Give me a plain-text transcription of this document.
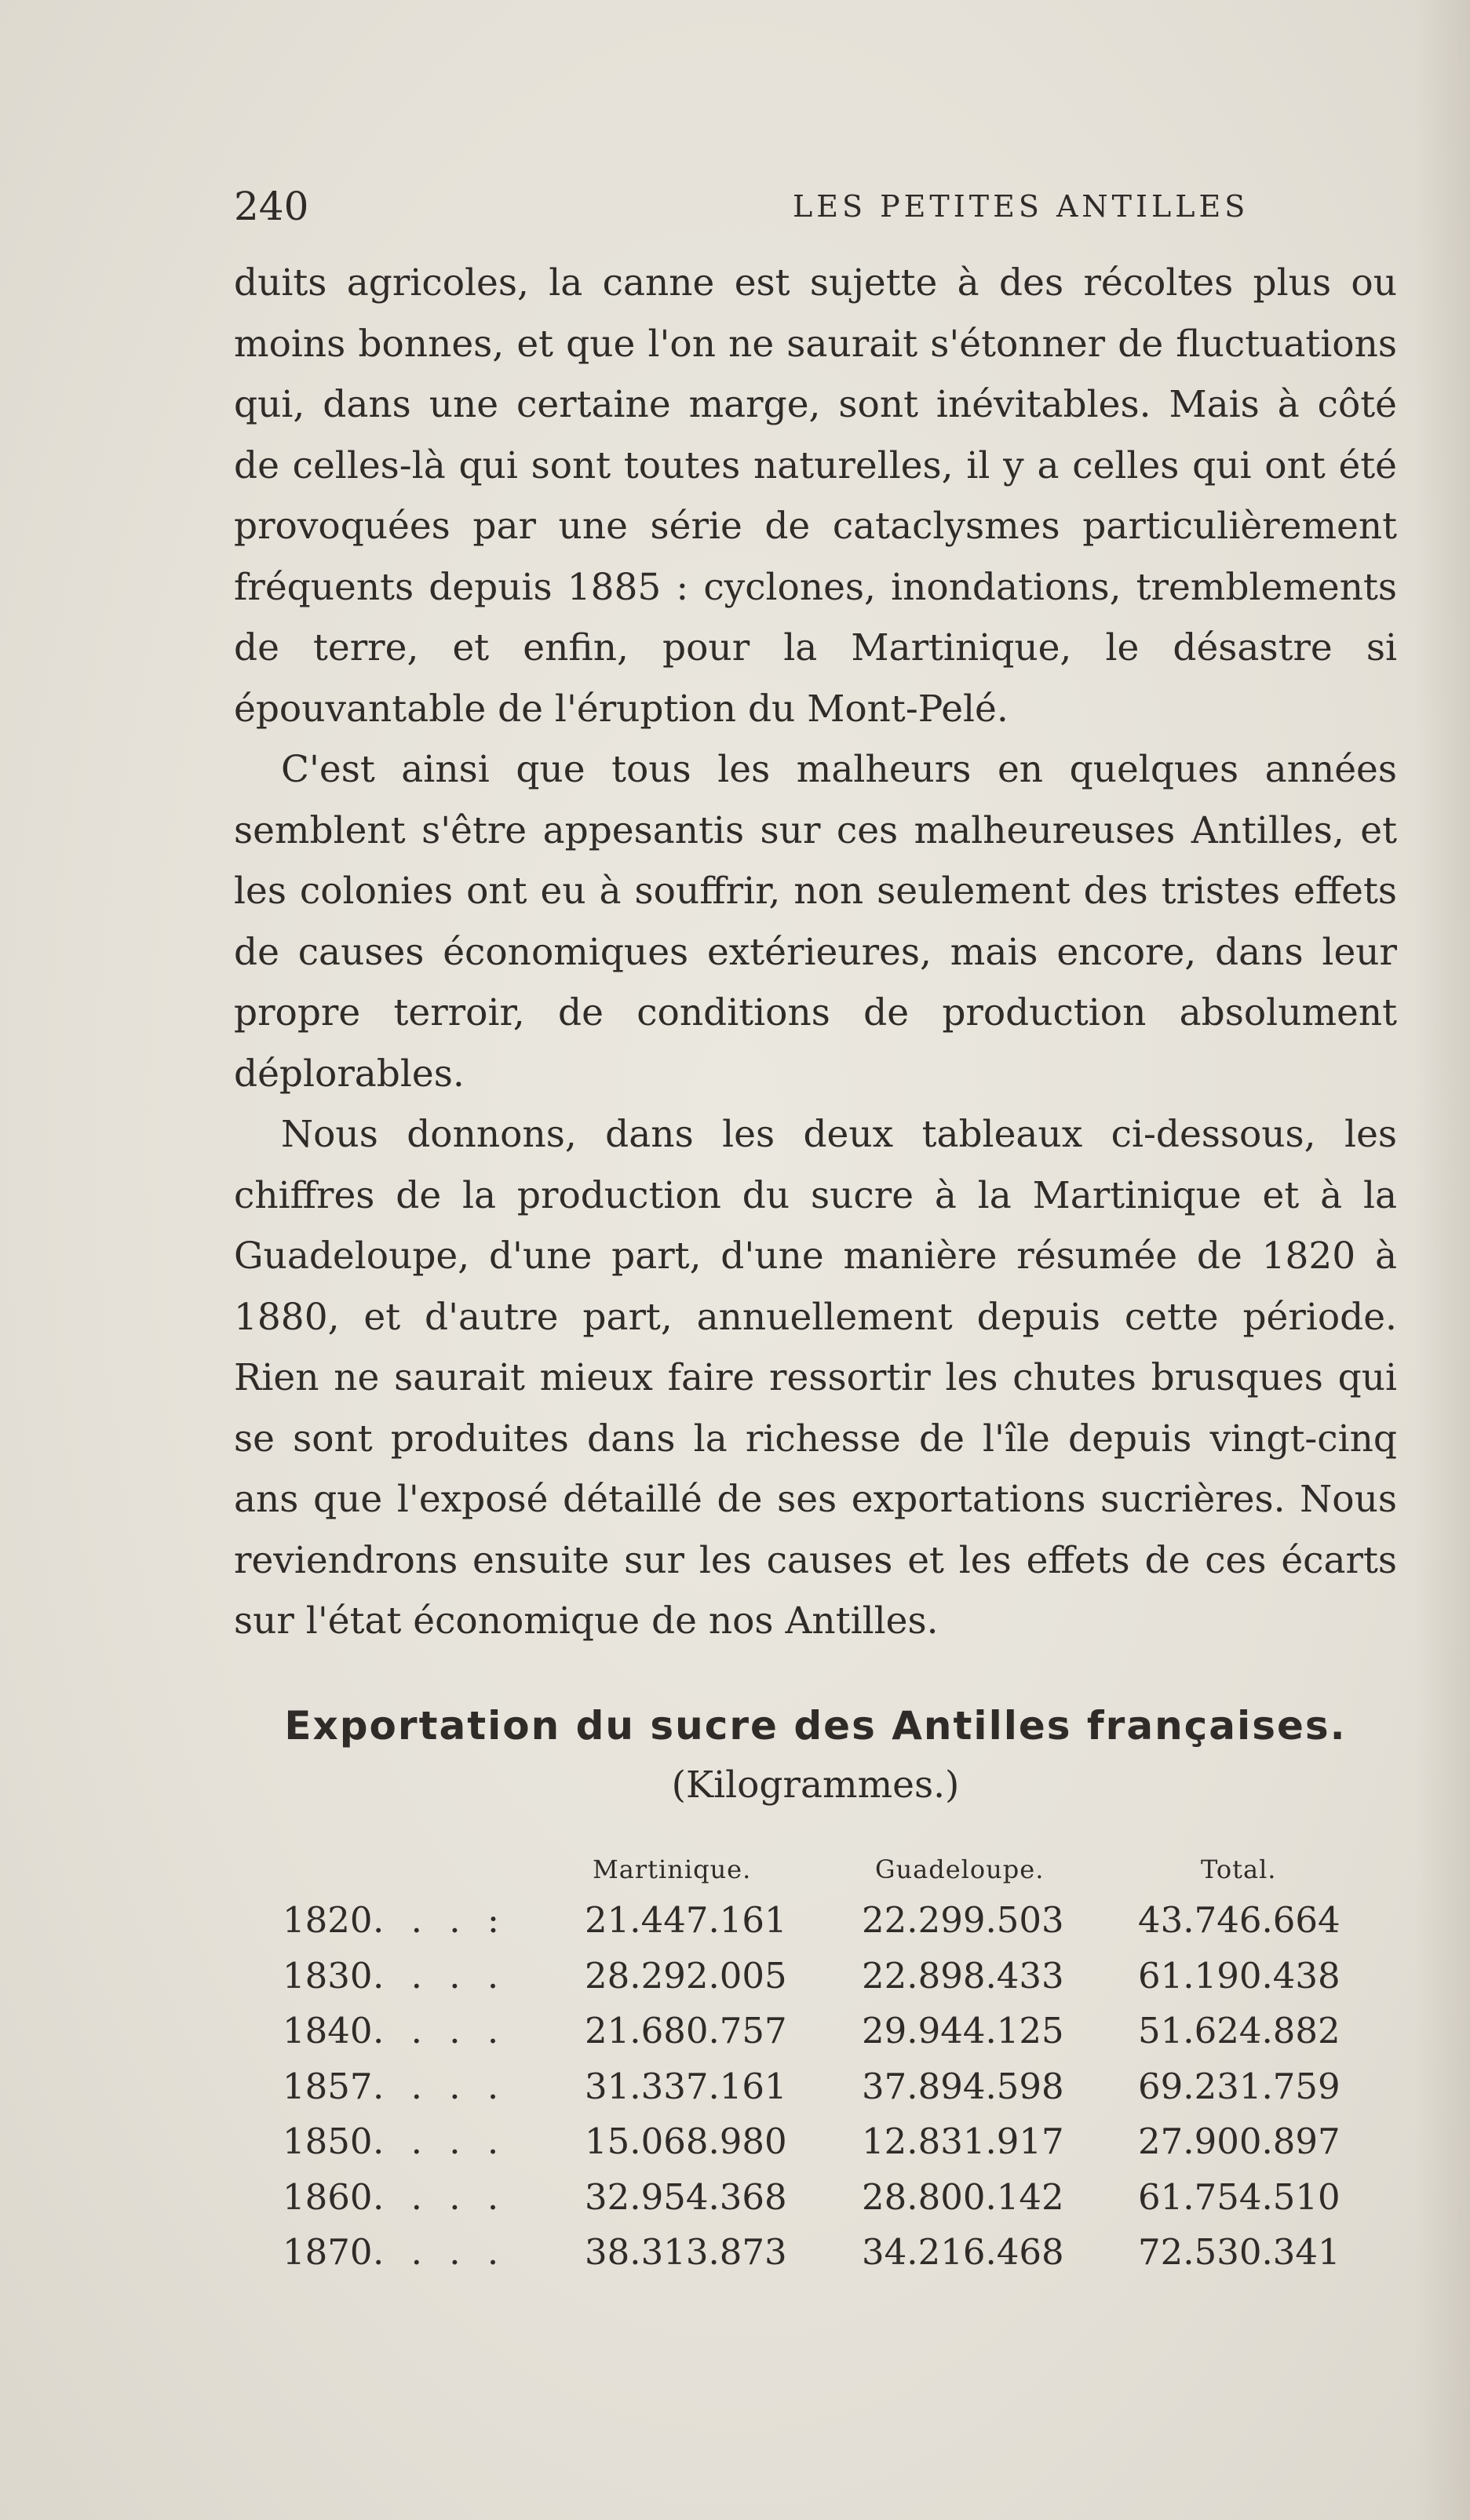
240	LES PETITES ANTILLES

duits agricoles, la canne est sujette à des récoltes plus ou moins bonnes, et que l'on ne saurait s'étonner de fluctuations qui, dans une certaine marge, sont inévitables. Mais à côté de celles-là qui sont toutes naturelles, il y a celles qui ont été provoquées par une série de cataclysmes particulièrement fréquents depuis 1885 : cyclones, inondations, tremblements de terre, et enfin, pour la Martinique, le désastre si épouvantable de l'éruption du Mont-Pelé.

C'est ainsi que tous les malheurs en quelques années semblent s'être appesantis sur ces malheureuses Antilles, et les colonies ont eu à souffrir, non seulement des tristes effets de causes économiques extérieures, mais encore, dans leur propre terroir, de conditions de production absolument déplorables.

Nous donnons, dans les deux tableaux ci-dessous, les chiffres de la production du sucre à la Martinique et à la Guadeloupe, d'une part, d'une manière résumée de 1820 à 1880, et d'autre part, annuellement depuis cette période. Rien ne saurait mieux faire ressortir les chutes brusques qui se sont produites dans la richesse de l'île depuis vingt-cinq ans que l'exposé détaillé de ses exportations sucrières. Nous reviendrons ensuite sur les causes et les effets de ces écarts sur l'état économique de nos Antilles.

Exportation du sucre des Antilles françaises.
(Kilogrammes.)
Martinique.	Guadeloupe.	Total.
1820 . . . : 21.447.161 22.299.503 43.746.664
1830 . . . . 28.292.005 22.898.433 61.190.438
1840 . . . . 21.680.757 29.944.125 51.624.882
1857 . . . . 31.337.161 37.894.598 69.231.759
1850 . . . . 15.068.980 12.831.917 27.900.897
1860 . . . . 32.954.368 28.800.142 61.754.510
1870 . . . . 38.313.873 34.216.468 72.530.341
